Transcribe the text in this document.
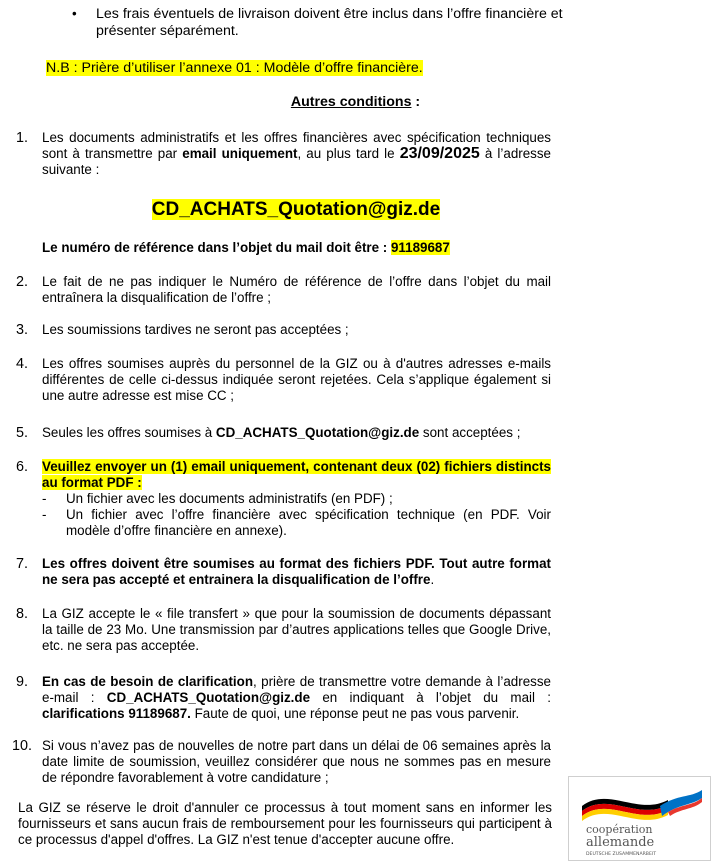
• Les frais éventuels de livraison doivent être inclus dans l’offre financière et présenter séparément.
N.B : Prière d’utiliser l’annexe 01 : Modèle d’offre financière.
Autres conditions :
1. Les documents administratifs et les offres financières avec spécification techniques sont à transmettre par email uniquement, au plus tard le 23/09/2025 à l’adresse suivante :
CD_ACHATS_Quotation@giz.de
Le numéro de référence dans l’objet du mail doit être : 91189687
2. Le fait de ne pas indiquer le Numéro de référence de l’offre dans l’objet du mail entraînera la disqualification de l’offre ;
3. Les soumissions tardives ne seront pas acceptées ;
4. Les offres soumises auprès du personnel de la GIZ ou à d'autres adresses e-mails différentes de celle ci-dessus indiquée seront rejetées. Cela s’applique également si une autre adresse est mise CC ;
5. Seules les offres soumises à CD_ACHATS_Quotation@giz.de sont acceptées ;
6. Veuillez envoyer un (1) email uniquement, contenant deux (02) fichiers distincts au format PDF :
- Un fichier avec les documents administratifs (en PDF) ;
- Un fichier avec l’offre financière avec spécification technique (en PDF. Voir modèle d’offre financière en annexe).
7. Les offres doivent être soumises au format des fichiers PDF. Tout autre format ne sera pas accepté et entrainera la disqualification de l’offre.
8. La GIZ accepte le « file transfert » que pour la soumission de documents dépassant la taille de 23 Mo. Une transmission par d’autres applications telles que Google Drive, etc. ne sera pas acceptée.
9. En cas de besoin de clarification, prière de transmettre votre demande à l’adresse e-mail : CD_ACHATS_Quotation@giz.de en indiquant à l’objet du mail : clarifications 91189687. Faute de quoi, une réponse peut ne pas vous parvenir.
10. Si vous n’avez pas de nouvelles de notre part dans un délai de 06 semaines après la date limite de soumission, veuillez considérer que nous ne sommes pas en mesure de répondre favorablement à votre candidature ;
La GIZ se réserve le droit d'annuler ce processus à tout moment sans en informer les fournisseurs et sans aucun frais de remboursement pour les fournisseurs qui participent à ce processus d'appel d'offres. La GIZ n'est tenue d'accepter aucune offre.
coopération
allemande
DEUTSCHE ZUSAMMENARBEIT
